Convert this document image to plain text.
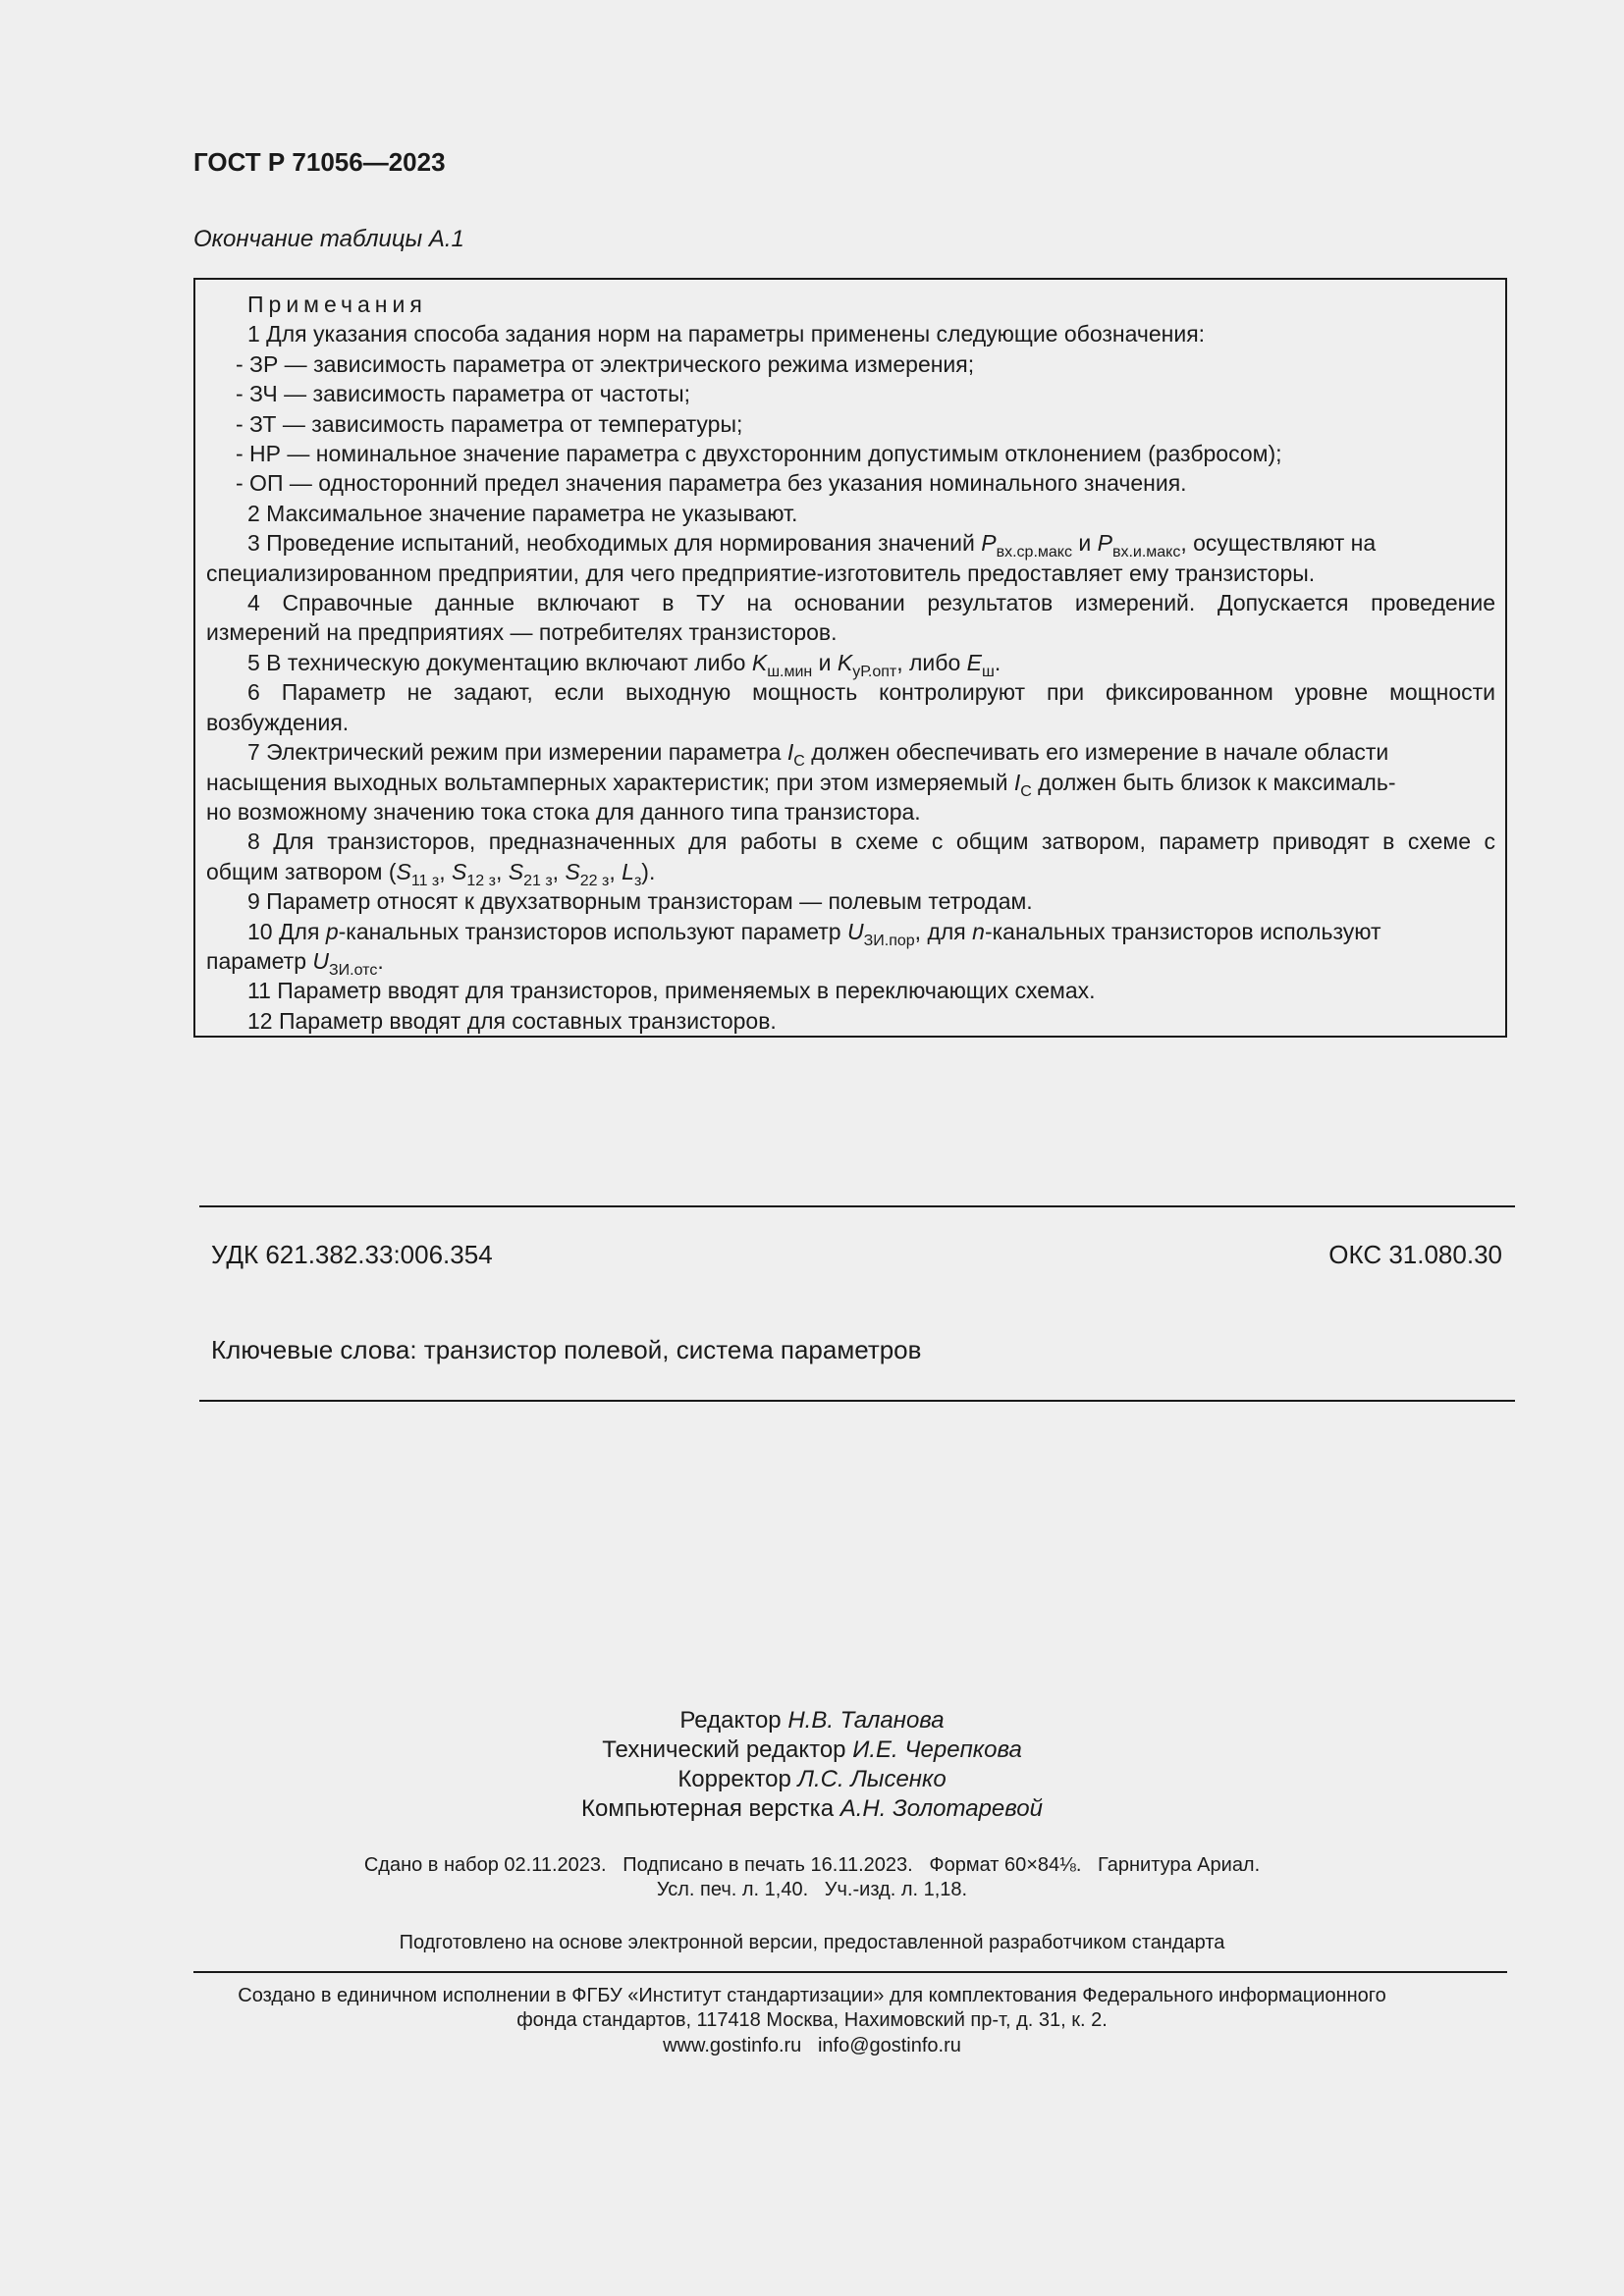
ГОСТ Р 71056—2023
Окончание таблицы А.1
Примечания
1 Для указания способа задания норм на параметры применены следующие обозначения:
- ЗР — зависимость параметра от электрического режима измерения;
- ЗЧ — зависимость параметра от частоты;
- ЗТ — зависимость параметра от температуры;
- НР — номинальное значение параметра с двухсторонним допустимым отклонением (разбросом);
- ОП — односторонний предел значения параметра без указания номинального значения.
2 Максимальное значение параметра не указывают.
3 Проведение испытаний, необходимых для нормирования значений $P_{вх.ср.макс}$ и $P_{вх.и.макс}$, осуществляют на
специализированном предприятии, для чего предприятие-изготовитель предоставляет ему транзисторы.
4 Справочные данные включают в ТУ на основании результатов измерений. Допускается проведение
измерений на предприятиях — потребителях транзисторов.
5 В техническую документацию включают либо $K_{ш.мин}$ и $K_{уР.опт}$, либо $E_ш$.
6 Параметр не задают, если выходную мощность контролируют при фиксированном уровне мощности
возбуждения.
7 Электрический режим при измерении параметра $I_С$ должен обеспечивать его измерение в начале области
насыщения выходных вольтамперных характеристик; при этом измеряемый $I_С$ должен быть близок к максималь-
но возможному значению тока стока для данного типа транзистора.
8 Для транзисторов, предназначенных для работы в схеме с общим затвором, параметр приводят в схеме с
общим затвором ($S_{11 з}$, $S_{12 з}$, $S_{21 з}$, $S_{22 з}$, $L_з$).
9 Параметр относят к двухзатворным транзисторам — полевым тетродам.
10 Для p-канальных транзисторов используют параметр $U_{ЗИ.пор}$, для n-канальных транзисторов используют
параметр $U_{ЗИ.отс}$.
11 Параметр вводят для транзисторов, применяемых в переключающих схемах.
12 Параметр вводят для составных транзисторов.
УДК 621.382.33:006.354	ОКС 31.080.30
Ключевые слова: транзистор полевой, система параметров
Редактор Н.В. Таланова
Технический редактор И.Е. Черепкова
Корректор Л.С. Лысенко
Компьютерная верстка А.Н. Золотаревой
Сдано в набор 02.11.2023.   Подписано в печать 16.11.2023.   Формат 60×84⅛.   Гарнитура Ариал.
Усл. печ. л. 1,40.   Уч.-изд. л. 1,18.
Подготовлено на основе электронной версии, предоставленной разработчиком стандарта
Создано в единичном исполнении в ФГБУ «Институт стандартизации» для комплектования Федерального информационного
фонда стандартов, 117418 Москва, Нахимовский пр-т, д. 31, к. 2.
www.gostinfo.ru   info@gostinfo.ru
